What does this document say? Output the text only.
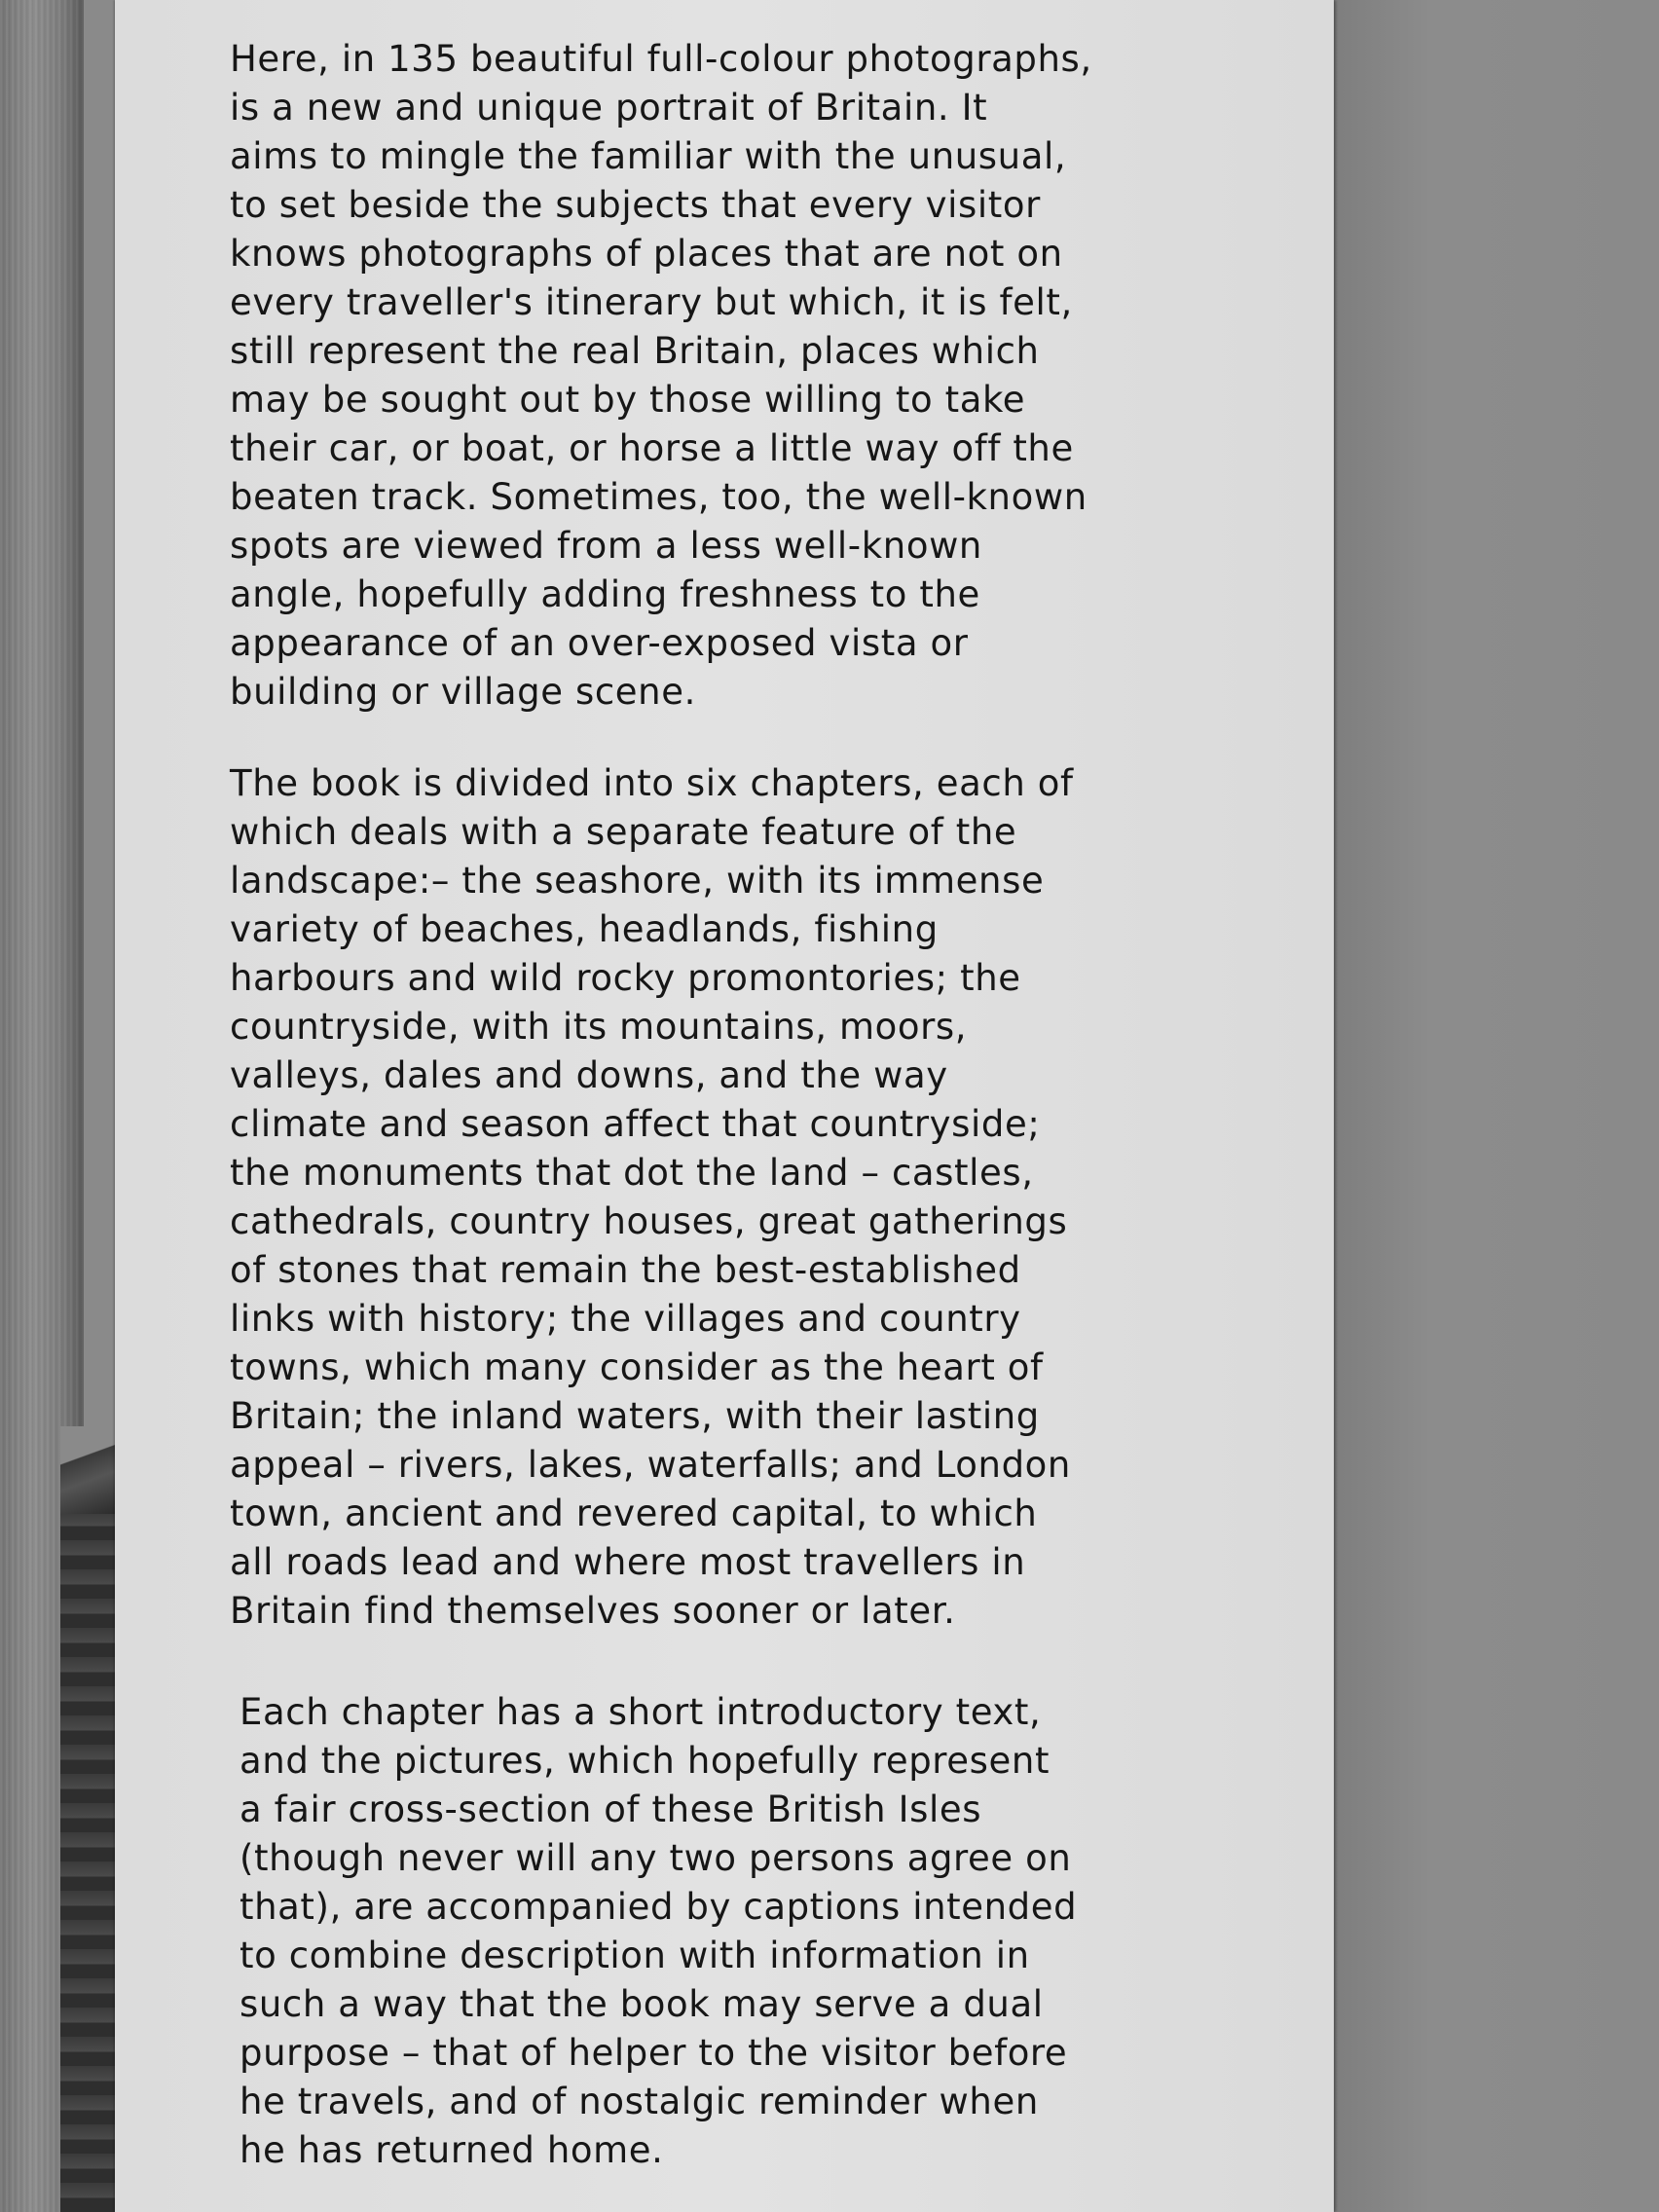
Here, in 135 beautiful full-colour photographs,
is a new and unique portrait of Britain. It
aims to mingle the familiar with the unusual,
to set beside the subjects that every visitor
knows photographs of places that are not on
every traveller's itinerary but which, it is felt,
still represent the real Britain, places which
may be sought out by those willing to take
their car, or boat, or horse a little way off the
beaten track. Sometimes, too, the well-known
spots are viewed from a less well-known
angle, hopefully adding freshness to the
appearance of an over-exposed vista or
building or village scene.

The book is divided into six chapters, each of
which deals with a separate feature of the
landscape:– the seashore, with its immense
variety of beaches, headlands, fishing
harbours and wild rocky promontories; the
countryside, with its mountains, moors,
valleys, dales and downs, and the way
climate and season affect that countryside;
the monuments that dot the land – castles,
cathedrals, country houses, great gatherings
of stones that remain the best-established
links with history; the villages and country
towns, which many consider as the heart of
Britain; the inland waters, with their lasting
appeal – rivers, lakes, waterfalls; and London
town, ancient and revered capital, to which
all roads lead and where most travellers in
Britain find themselves sooner or later.

Each chapter has a short introductory text,
and the pictures, which hopefully represent
a fair cross-section of these British Isles
(though never will any two persons agree on
that), are accompanied by captions intended
to combine description with information in
such a way that the book may serve a dual
purpose – that of helper to the visitor before
he travels, and of nostalgic reminder when
he has returned home.
